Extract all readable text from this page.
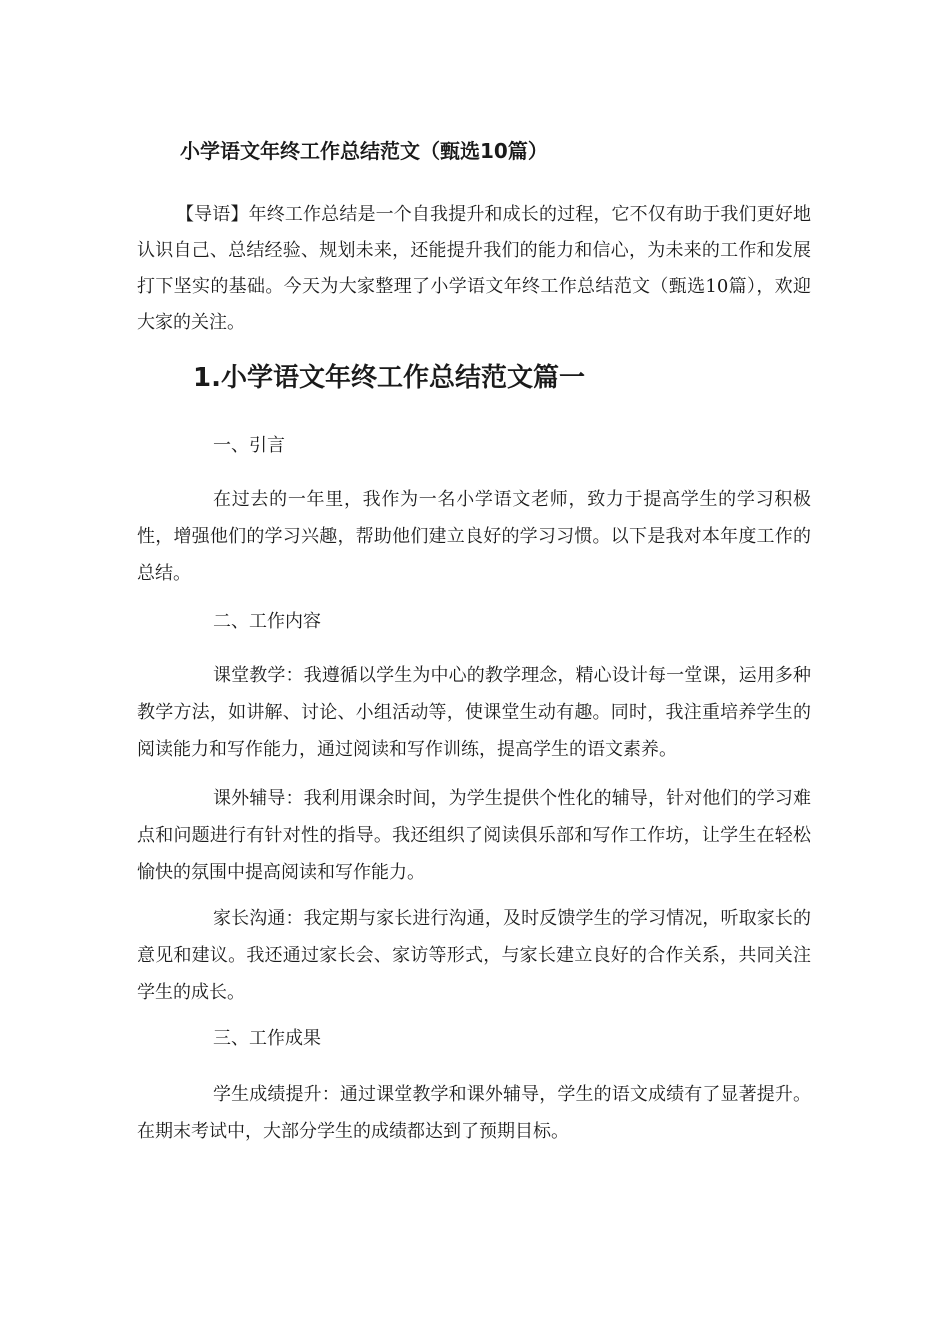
小学语文年终工作总结范文（甄选10篇）
【导语】年终工作总结是一个自我提升和成长的过程，它不仅有助于我们更好地认识自己、总结经验、规划未来，还能提升我们的能力和信心，为未来的工作和发展打下坚实的基础。今天为大家整理了小学语文年终工作总结范文（甄选10篇），欢迎大家的关注。
1.小学语文年终工作总结范文篇一
一、引言
在过去的一年里，我作为一名小学语文老师，致力于提高学生的学习积极性，增强他们的学习兴趣，帮助他们建立良好的学习习惯。以下是我对本年度工作的总结。
二、工作内容
课堂教学：我遵循以学生为中心的教学理念，精心设计每一堂课，运用多种教学方法，如讲解、讨论、小组活动等，使课堂生动有趣。同时，我注重培养学生的阅读能力和写作能力，通过阅读和写作训练，提高学生的语文素养。
课外辅导：我利用课余时间，为学生提供个性化的辅导，针对他们的学习难点和问题进行有针对性的指导。我还组织了阅读俱乐部和写作工作坊，让学生在轻松愉快的氛围中提高阅读和写作能力。
家长沟通：我定期与家长进行沟通，及时反馈学生的学习情况，听取家长的意见和建议。我还通过家长会、家访等形式，与家长建立良好的合作关系，共同关注学生的成长。
三、工作成果
学生成绩提升：通过课堂教学和课外辅导，学生的语文成绩有了显著提升。在期末考试中，大部分学生的成绩都达到了预期目标。
